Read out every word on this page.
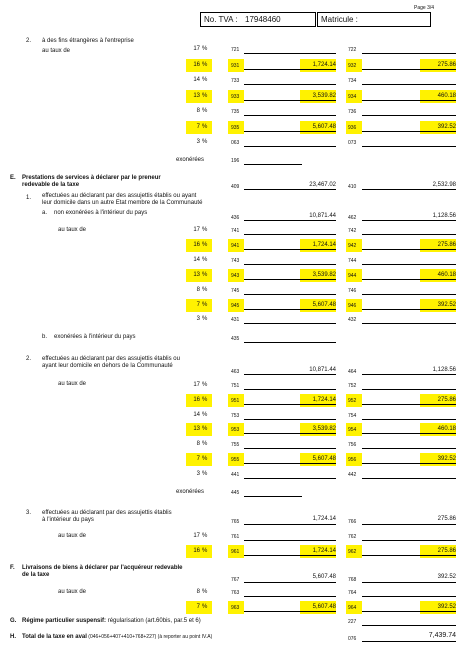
Page 3/4
No. TVA : 17948460	Matricule :
2. à des fins étrangères à l'entreprise
au taux de	17 %	721	722
16 %	931	1,724.14 932	275.86
14 %	733	734
13 %	933	3,539.82 934	460.18
8 %	735	736
7 %	935	5,607.48 936	392.52
3 %	063	073
exonérées	196
E. Prestations de services à déclarer par le preneur
redevable de la taxe	409	23,467.02 410	2,532.98
1. effectuées au déclarant par des assujettis établis ou ayant
leur domicile dans un autre Etat membre de la Communauté
a. non exonérées à l'intérieur du pays
436	10,871.44 462	1,128.56
au taux de	17 %	741	742
16 %	941	1,724.14 942	275.86
14 %	743	744
13 %	943	3,539.82 944	460.18
8 %	745	746
7 %	945	5,607.48 946	392.52
3 %	431	432
b. exonérées à l'intérieur du pays	435
2. effectuées au déclarant par des assujettis établis ou
ayant leur domicile en dehors de la Communauté
463	10,871.44 464	1,128.56
au taux de	17 %	751	752
16 %	951	1,724.14 952	275.86
14 %	753	754
13 %	953	3,539.82 954	460.18
8 %	755	756
7 %	955	5,607.48 956	392.52
3 %	441	442
exonérées	445
3. effectuées au déclarant par des assujettis établis
à l'intérieur du pays	765	1,724.14 766	275.86
au taux de	17 %	761	762
16 %	961	1,724.14 962	275.86
F. Livraisons de biens à déclarer par l'acquéreur redevable
de la taxe
767	5,607.48 768	392.52
au taux de	8 %	763	764
7 %	963	5,607.48 964	392.52
G. Régime particulier suspensif: régularisation (art.60bis, par.5 et 6)	227
H. Total de la taxe en aval (046+056+407+410+768+227) (à reporter au point IV.A)	076	7,439.74
